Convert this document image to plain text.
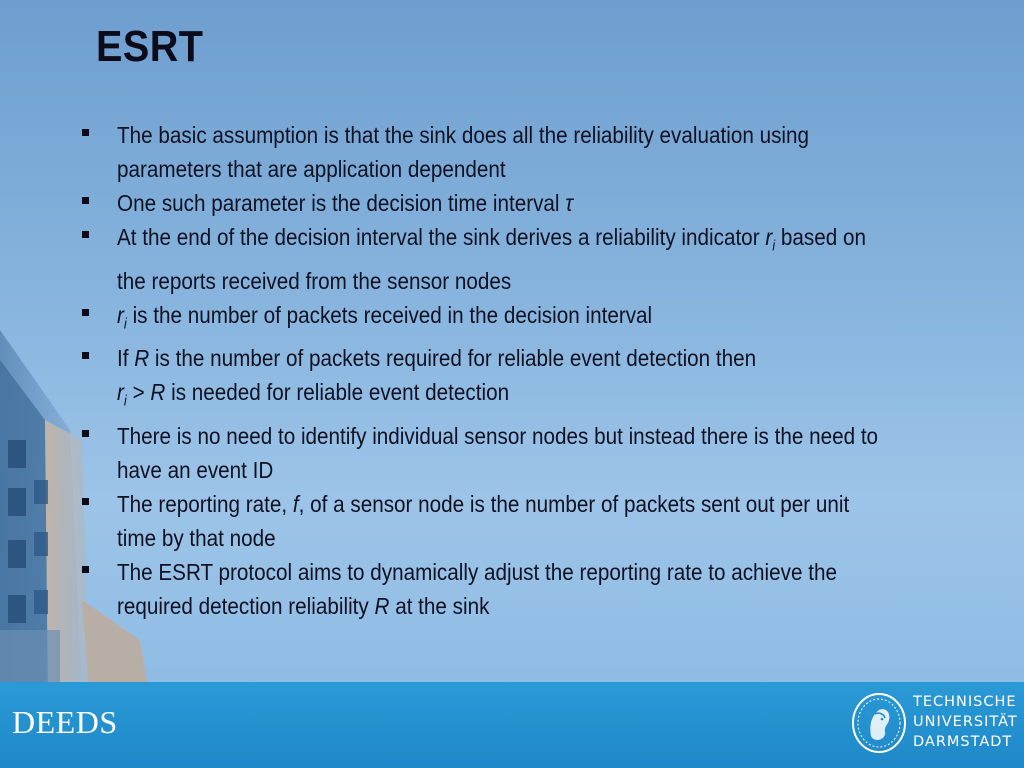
ESRT
The basic assumption is that the sink does all the reliability evaluation using
parameters that are application dependent
One such parameter is the decision time interval τ
At the end of the decision interval the sink derives a reliability indicator $r_i$ based on
the reports received from the sensor nodes
$r_i$ is the number of packets received in the decision interval
If R is the number of packets required for reliable event detection then
$r_i > R$ is needed for reliable event detection
There is no need to identify individual sensor nodes but instead there is the need to
have an event ID
The reporting rate, f, of a sensor node is the number of packets sent out per unit
time by that node
The ESRT protocol aims to dynamically adjust the reporting rate to achieve the
required detection reliability R at the sink
DEEDS
TECHNISCHE
UNIVERSITÄT
DARMSTADT
